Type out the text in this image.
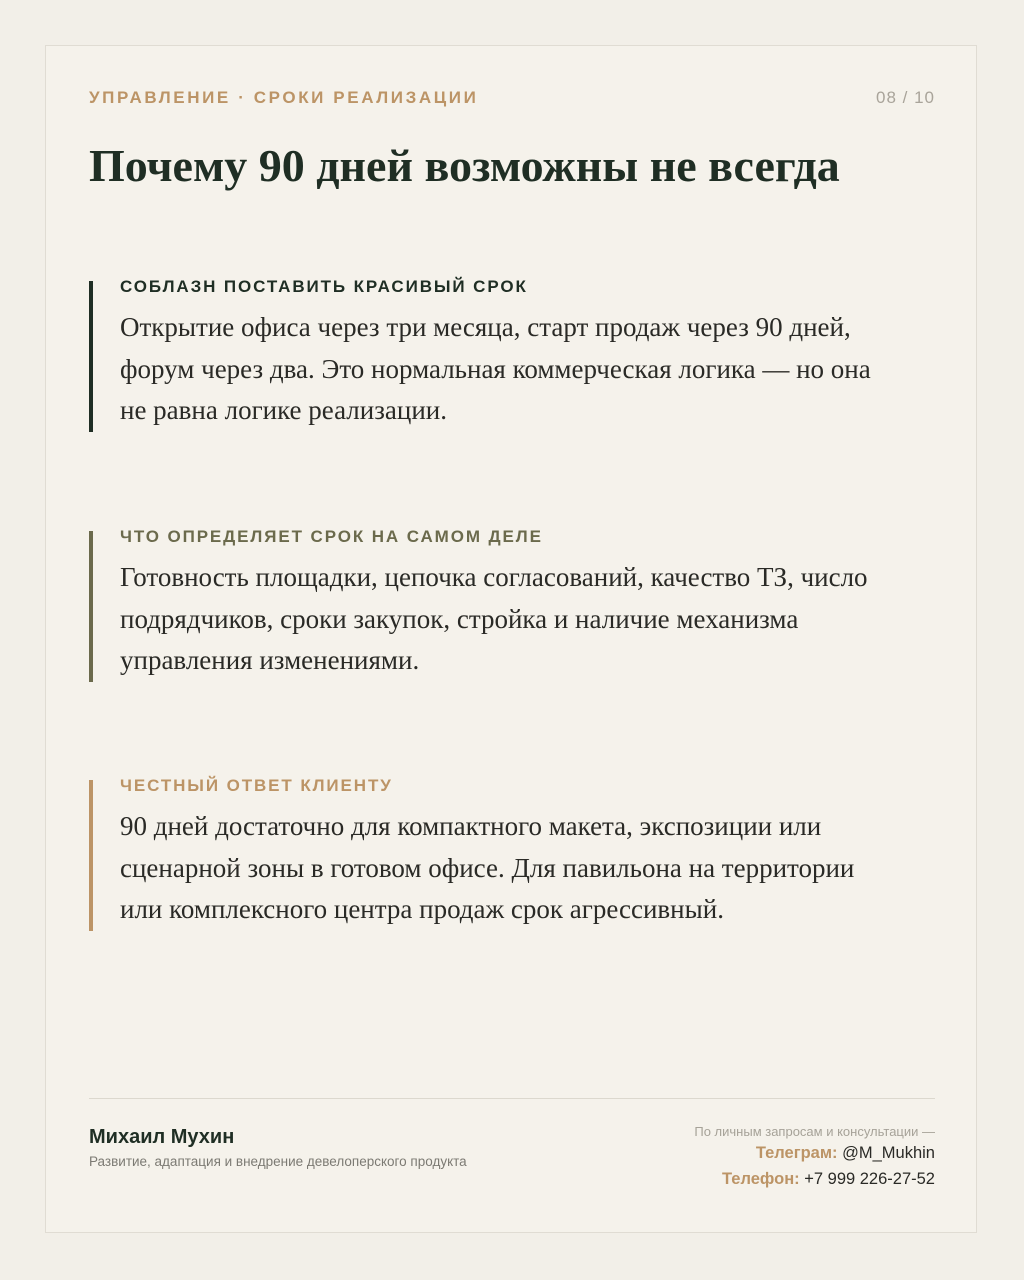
УПРАВЛЕНИЕ · СРОКИ РЕАЛИЗАЦИИ	08 / 10
Почему 90 дней возможны не всегда
СОБЛАЗН ПОСТАВИТЬ КРАСИВЫЙ СРОК
Открытие офиса через три месяца, старт продаж через 90 дней,
форум через два. Это нормальная коммерческая логика — но она
не равна логике реализации.
ЧТО ОПРЕДЕЛЯЕТ СРОК НА САМОМ ДЕЛЕ
Готовность площадки, цепочка согласований, качество ТЗ, число
подрядчиков, сроки закупок, стройка и наличие механизма
управления изменениями.
ЧЕСТНЫЙ ОТВЕТ КЛИЕНТУ
90 дней достаточно для компактного макета, экспозиции или
сценарной зоны в готовом офисе. Для павильона на территории
или комплексного центра продаж срок агрессивный.
Михаил Мухин
Развитие, адаптация и внедрение девелоперского продукта
По личным запросам и консультации —
Телеграм: @M_Mukhin
Телефон: +7 999 226-27-52
